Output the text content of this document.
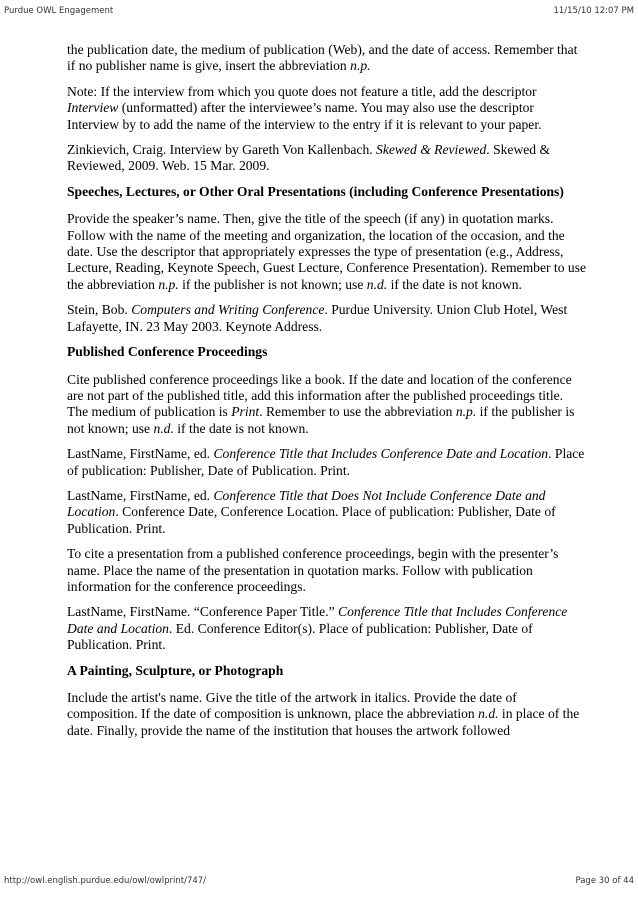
Purdue OWL Engagement	11/15/10 12:07 PM

the publication date, the medium of publication (Web), and the date of access. Remember that if no publisher name is give, insert the abbreviation n.p.

Note: If the interview from which you quote does not feature a title, add the descriptor Interview (unformatted) after the interviewee’s name. You may also use the descriptor Interview by to add the name of the interview to the entry if it is relevant to your paper.

Zinkievich, Craig. Interview by Gareth Von Kallenbach. Skewed & Reviewed. Skewed & Reviewed, 2009. Web. 15 Mar. 2009.

Speeches, Lectures, or Other Oral Presentations (including Conference Presentations)

Provide the speaker’s name. Then, give the title of the speech (if any) in quotation marks. Follow with the name of the meeting and organization, the location of the occasion, and the date. Use the descriptor that appropriately expresses the type of presentation (e.g., Address, Lecture, Reading, Keynote Speech, Guest Lecture, Conference Presentation). Remember to use the abbreviation n.p. if the publisher is not known; use n.d. if the date is not known.

Stein, Bob. Computers and Writing Conference. Purdue University. Union Club Hotel, West Lafayette, IN. 23 May 2003. Keynote Address.

Published Conference Proceedings

Cite published conference proceedings like a book. If the date and location of the conference are not part of the published title, add this information after the published proceedings title. The medium of publication is Print. Remember to use the abbreviation n.p. if the publisher is not known; use n.d. if the date is not known.

LastName, FirstName, ed. Conference Title that Includes Conference Date and Location. Place of publication: Publisher, Date of Publication. Print.

LastName, FirstName, ed. Conference Title that Does Not Include Conference Date and Location. Conference Date, Conference Location. Place of publication: Publisher, Date of Publication. Print.

To cite a presentation from a published conference proceedings, begin with the presenter’s name. Place the name of the presentation in quotation marks. Follow with publication information for the conference proceedings.

LastName, FirstName. “Conference Paper Title.” Conference Title that Includes Conference Date and Location. Ed. Conference Editor(s). Place of publication: Publisher, Date of Publication. Print.

A Painting, Sculpture, or Photograph

Include the artist's name. Give the title of the artwork in italics. Provide the date of composition. If the date of composition is unknown, place the abbreviation n.d. in place of the date. Finally, provide the name of the institution that houses the artwork followed

http://owl.english.purdue.edu/owl/owlprint/747/	Page 30 of 44
